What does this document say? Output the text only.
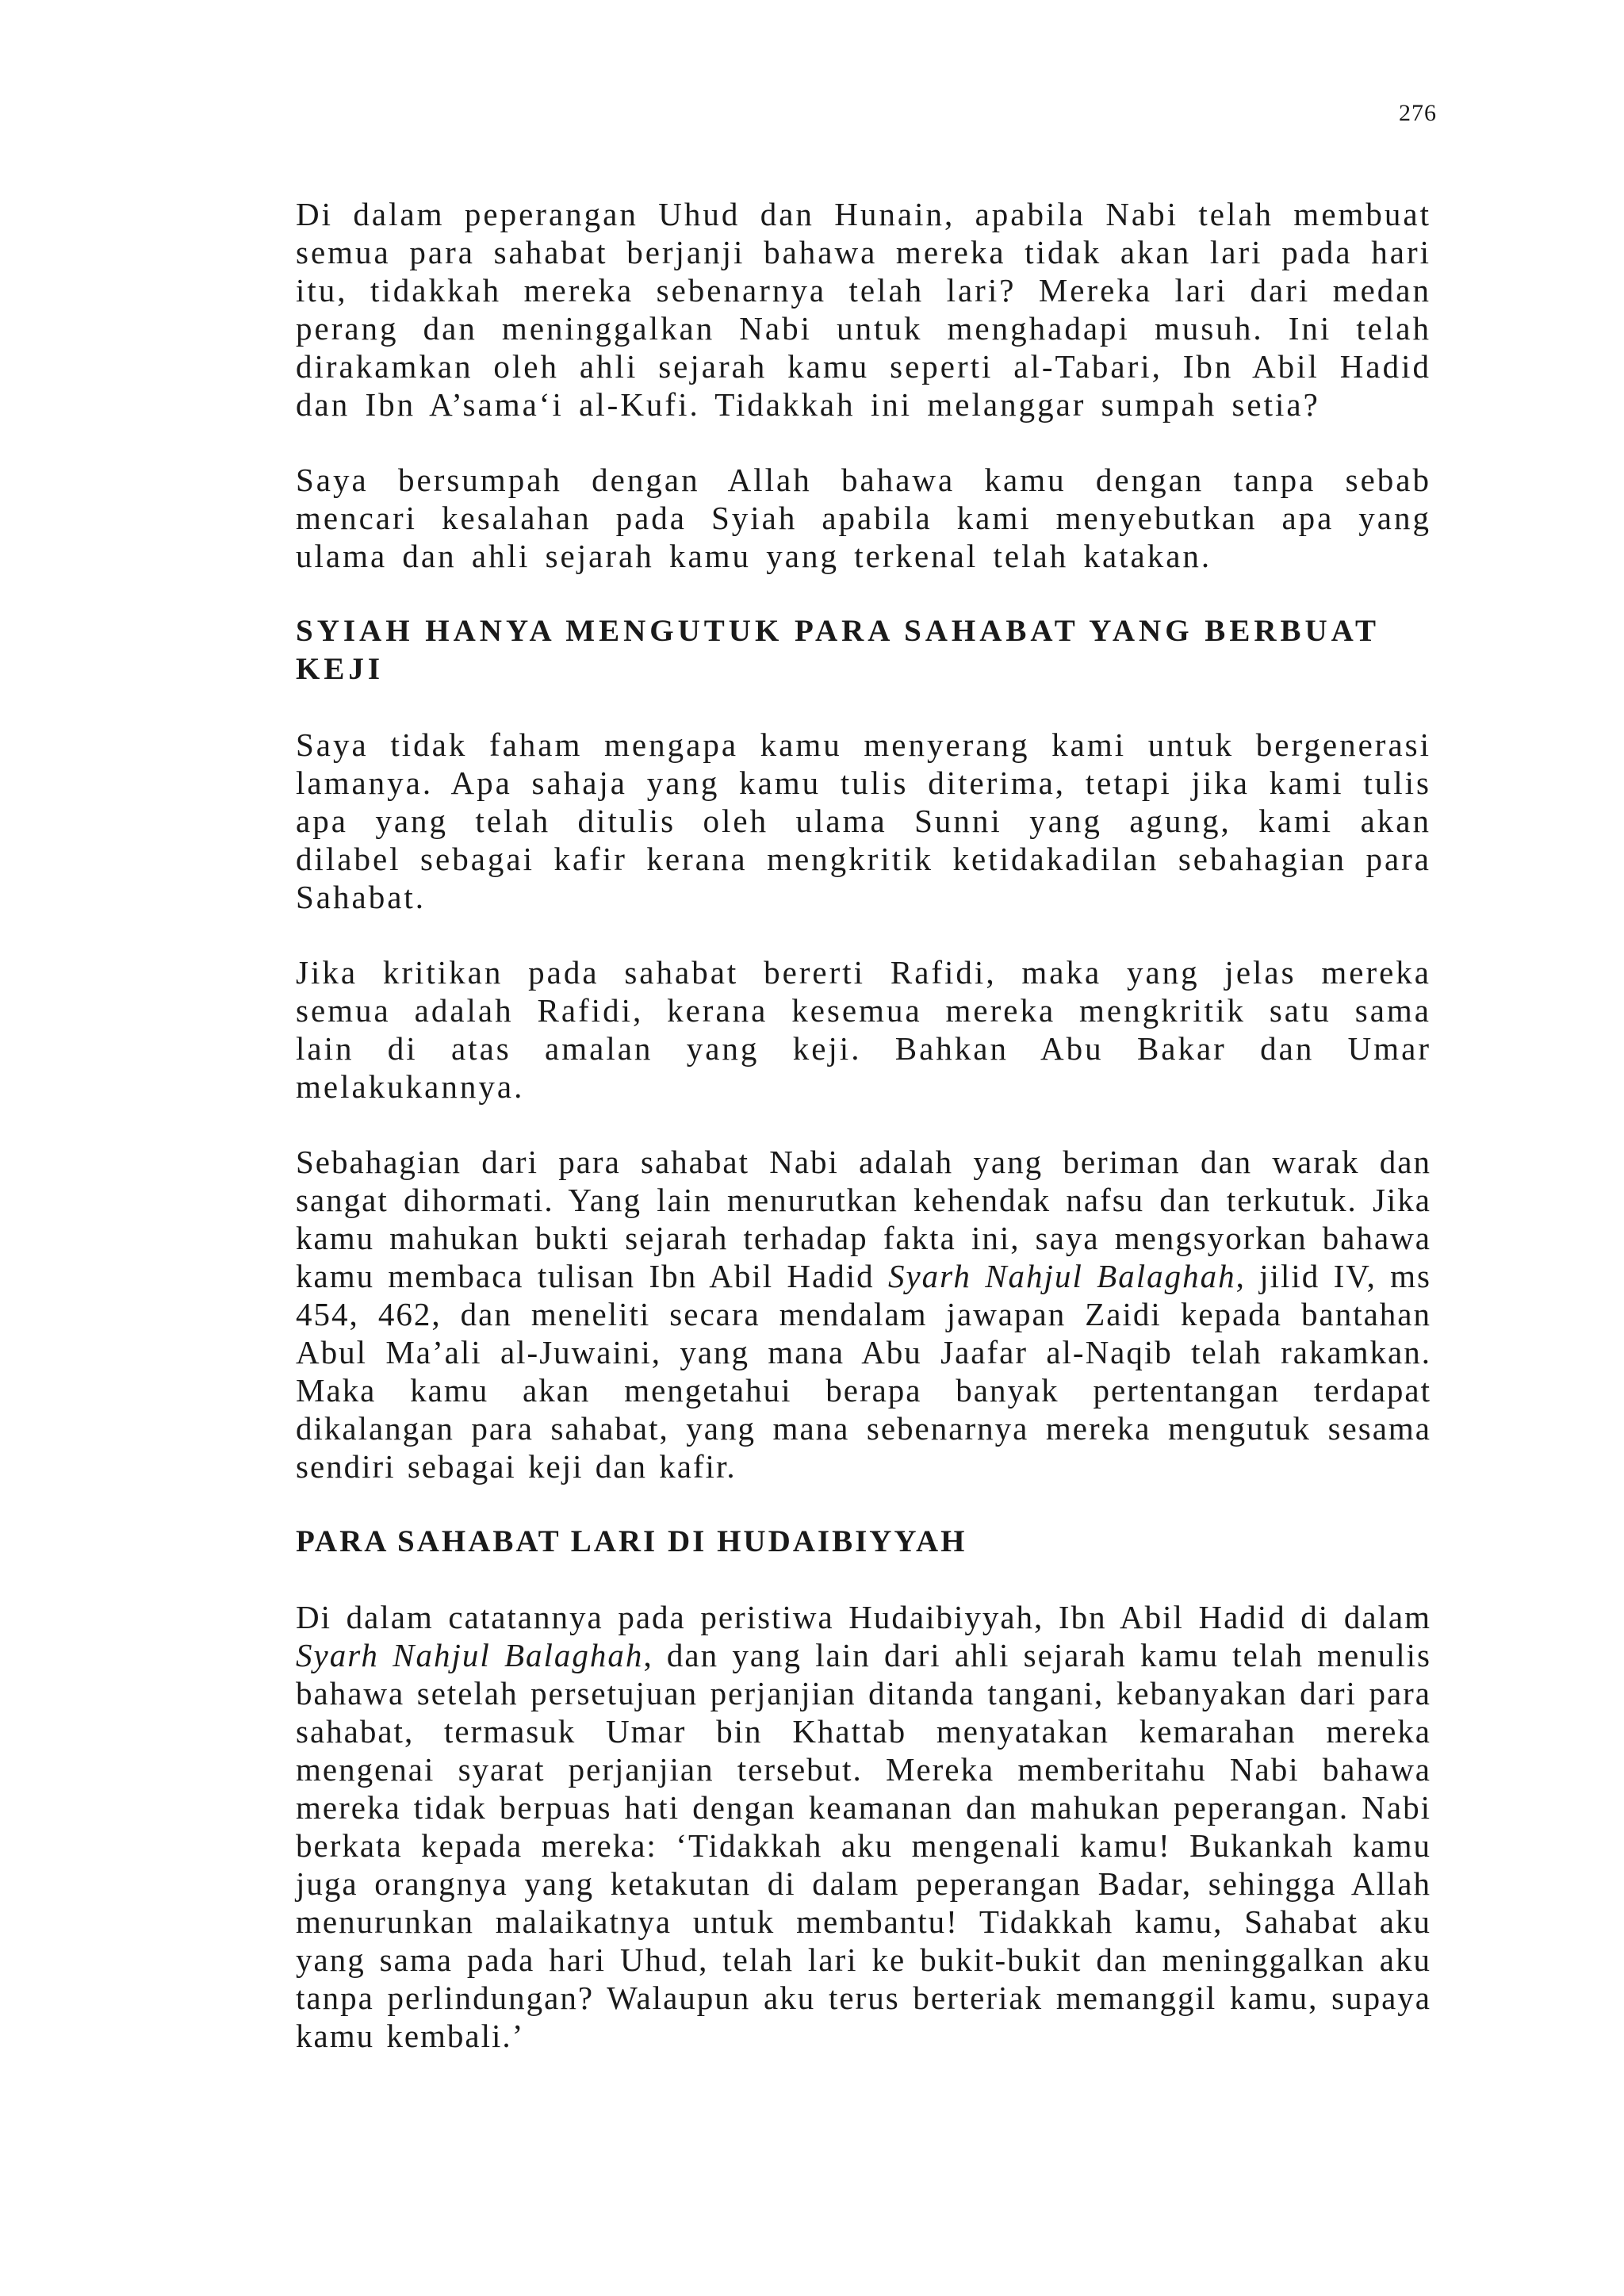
276

Di dalam peperangan Uhud dan Hunain, apabila Nabi telah membuat semua para sahabat berjanji bahawa mereka tidak akan lari pada hari itu, tidakkah mereka sebenarnya telah lari? Mereka lari dari medan perang dan meninggalkan Nabi untuk menghadapi musuh. Ini telah dirakamkan oleh ahli sejarah kamu seperti al-Tabari, Ibn Abil Hadid dan Ibn A’sama‘i al-Kufi. Tidakkah ini melanggar sumpah setia?

Saya bersumpah dengan Allah bahawa kamu dengan tanpa sebab mencari kesalahan pada Syiah apabila kami menyebutkan apa yang ulama dan ahli sejarah kamu yang terkenal telah katakan.

SYIAH HANYA MENGUTUK PARA SAHABAT YANG BERBUAT KEJI

Saya tidak faham mengapa kamu menyerang kami untuk bergenerasi lamanya. Apa sahaja yang kamu tulis diterima, tetapi jika kami tulis apa yang telah ditulis oleh ulama Sunni yang agung, kami akan dilabel sebagai kafir kerana mengkritik ketidakadilan sebahagian para Sahabat.

Jika kritikan pada sahabat bererti Rafidi, maka yang jelas mereka semua adalah Rafidi, kerana kesemua mereka mengkritik satu sama lain di atas amalan yang keji. Bahkan Abu Bakar dan Umar melakukannya.

Sebahagian dari para sahabat Nabi adalah yang beriman dan warak dan sangat dihormati. Yang lain menurutkan kehendak nafsu dan terkutuk. Jika kamu mahukan bukti sejarah terhadap fakta ini, saya mengsyorkan bahawa kamu membaca tulisan Ibn Abil Hadid Syarh Nahjul Balaghah, jilid IV, ms 454, 462, dan meneliti secara mendalam jawapan Zaidi kepada bantahan Abul Ma’ali al-Juwaini, yang mana Abu Jaafar al-Naqib telah rakamkan. Maka kamu akan mengetahui berapa banyak pertentangan terdapat dikalangan para sahabat, yang mana sebenarnya mereka mengutuk sesama sendiri sebagai keji dan kafir.

PARA SAHABAT LARI DI HUDAIBIYYAH

Di dalam catatannya pada peristiwa Hudaibiyyah, Ibn Abil Hadid di dalam Syarh Nahjul Balaghah, dan yang lain dari ahli sejarah kamu telah menulis bahawa setelah persetujuan perjanjian ditanda tangani, kebanyakan dari para sahabat, termasuk Umar bin Khattab menyatakan kemarahan mereka mengenai syarat perjanjian tersebut. Mereka memberitahu Nabi bahawa mereka tidak berpuas hati dengan keamanan dan mahukan peperangan. Nabi berkata kepada mereka: ‘Tidakkah aku mengenali kamu! Bukankah kamu juga orangnya yang ketakutan di dalam peperangan Badar, sehingga Allah menurunkan malaikatnya untuk membantu! Tidakkah kamu, Sahabat aku yang sama pada hari Uhud, telah lari ke bukit-bukit dan meninggalkan aku tanpa perlindungan? Walaupun aku terus berteriak memanggil kamu, supaya kamu kembali.’
